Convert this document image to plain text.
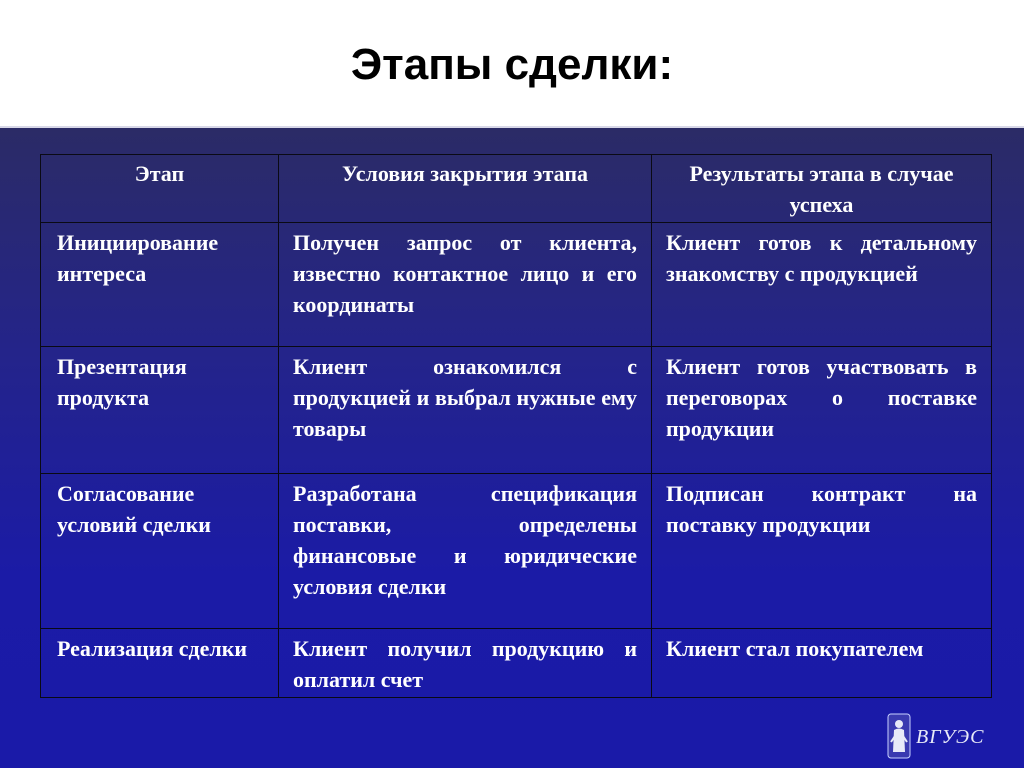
Этапы сделки:
Этап	Условия закрытия этапа	Результаты этапа в случае успеха
Инициирование интереса	Получен запрос от клиента, известно контактное лицо и его координаты	Клиент готов к детальному знакомству с продукцией
Презентация продукта	Клиент ознакомился с продукцией и выбрал нужные ему товары	Клиент готов участвовать в переговорах о поставке продукции
Согласование условий сделки	Разработана спецификация поставки, определены финансовые и юридические условия сделки	Подписан контракт на поставку продукции
Реализация сделки	Клиент получил продукцию и оплатил счет	Клиент стал покупателем
ВГУЭС
